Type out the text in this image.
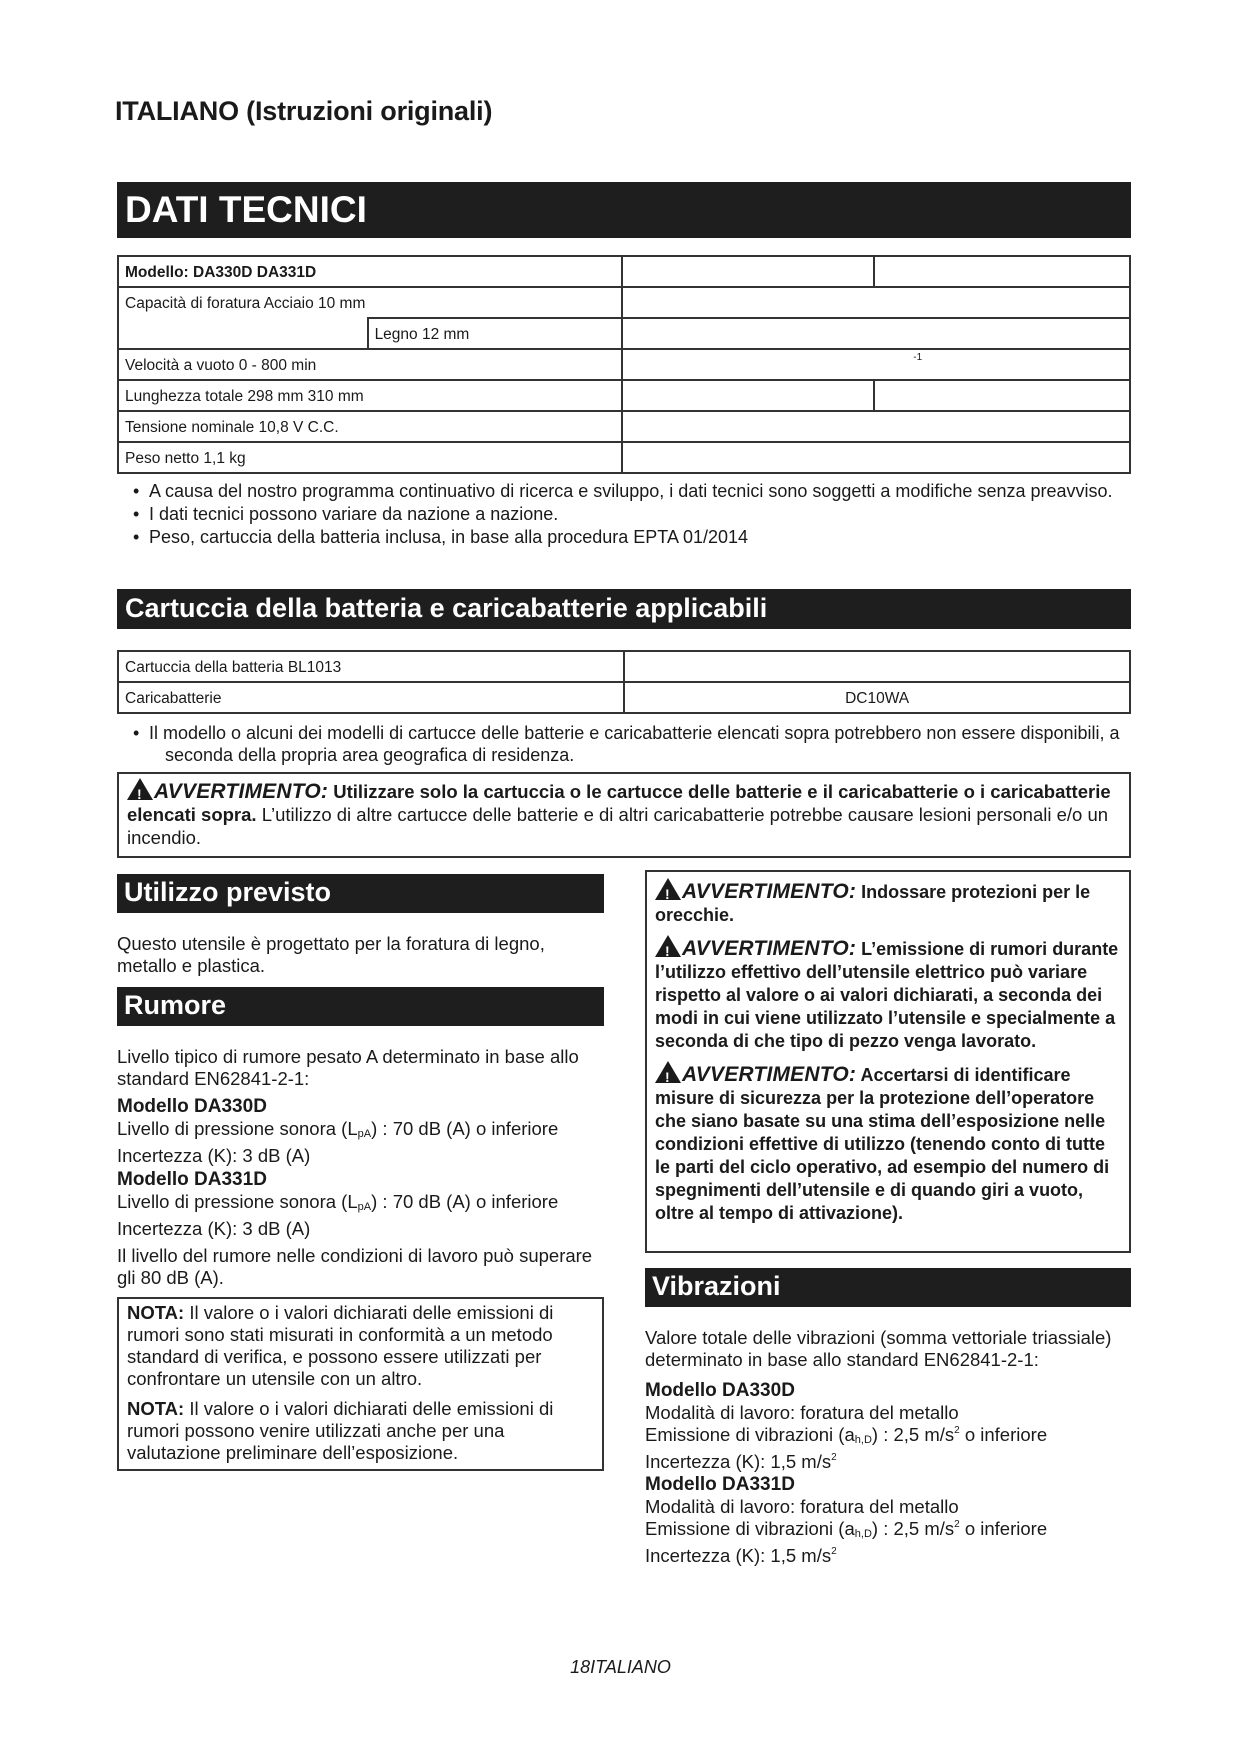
ITALIANO (Istruzioni originali)
DATI TECNICI
Modello: DA330D DA331D			
Capacità di foratura Acciaio 10 mm			
	Legno 12 mm		
Velocità a vuoto 0 - 800 min		-1	

Lunghezza totale 298 mm 310 mm			
Tensione nominale 10,8 V C.C.			
Peso netto 1,1 kg			
• A causa del nostro programma continuativo di ricerca e sviluppo, i dati tecnici sono soggetti a modifiche senza preavviso.
• I dati tecnici possono variare da nazione a nazione.
• Peso, cartuccia della batteria inclusa, in base alla procedura EPTA 01/2014
Cartuccia della batteria e caricabatterie applicabili
Cartuccia della batteria BL1013	
Caricabatterie	DC10WA
• Il modello o alcuni dei modelli di cartucce delle batterie e caricabatterie elencati sopra potrebbero non essere disponibili, a seconda della propria area geografica di residenza.
!AVVERTIMENTO: Utilizzare solo la cartuccia o le cartucce delle batterie e il caricabatterie o i caricabatterie elencati sopra. L’utilizzo di altre cartucce delle batterie e di altri caricabatterie potrebbe causare lesioni personali e/o un incendio.
Utilizzo previsto
Questo utensile è progettato per la foratura di legno, metallo e plastica.
Rumore
Livello tipico di rumore pesato A determinato in base allo standard EN62841-2-1:
Modello DA330D
Livello di pressione sonora $(L_{pA})$ : 70 dB (A) o inferiore
Incertezza (K): 3 dB (A)
Modello DA331D
Livello di pressione sonora $(L_{pA})$ : 70 dB (A) o inferiore
Incertezza (K): 3 dB (A)
Il livello del rumore nelle condizioni di lavoro può superare gli 80 dB (A).
NOTA: Il valore o i valori dichiarati delle emissioni di rumori sono stati misurati in conformità a un metodo standard di verifica, e possono essere utilizzati per confrontare un utensile con un altro.
NOTA: Il valore o i valori dichiarati delle emissioni di rumori possono venire utilizzati anche per una valutazione preliminare dell’esposizione.
!AVVERTIMENTO: Indossare protezioni per le orecchie.
!AVVERTIMENTO: L’emissione di rumori durante l’utilizzo effettivo dell’utensile elettrico può variare rispetto al valore o ai valori dichiarati, a seconda dei modi in cui viene utilizzato l’utensile e specialmente a seconda di che tipo di pezzo venga lavorato.
!AVVERTIMENTO: Accertarsi di identificare misure di sicurezza per la protezione dell’operatore che siano basate su una stima dell’esposizione nelle condizioni effettive di utilizzo (tenendo conto di tutte le parti del ciclo operativo, ad esempio del numero di spegnimenti dell’utensile e di quando giri a vuoto, oltre al tempo di attivazione).
Vibrazioni
Valore totale delle vibrazioni (somma vettoriale triassiale) determinato in base allo standard EN62841-2-1:
Modello DA330D
Modalità di lavoro: foratura del metallo
Emissione di vibrazioni $(a_{h,D})$ : 2,5 $m/s^2$ o inferiore
Incertezza (K): 1,5 $m/s^2$
Modello DA331D
Modalità di lavoro: foratura del metallo
Emissione di vibrazioni $(a_{h,D})$ : 2,5 $m/s^2$ o inferiore
Incertezza (K): 1,5 $m/s^2$
18ITALIANO
